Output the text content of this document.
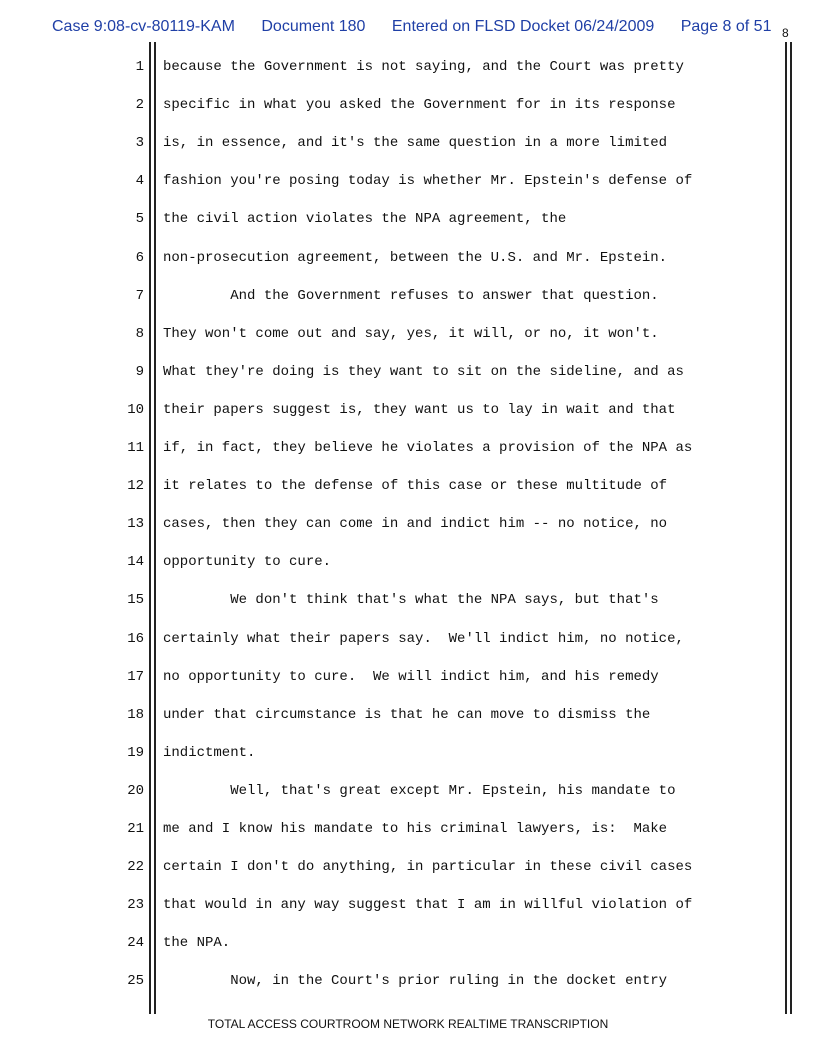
Case 9:08-cv-80119-KAM Document 180 Entered on FLSD Docket 06/24/2009 Page 8 of 51 8
1 because the Government is not saying, and the Court was pretty
2 specific in what you asked the Government for in its response
3 is, in essence, and it's the same question in a more limited
4 fashion you're posing today is whether Mr. Epstein's defense of
5 the civil action violates the NPA agreement, the
6 non-prosecution agreement, between the U.S. and Mr. Epstein.
7 And the Government refuses to answer that question.
8 They won't come out and say, yes, it will, or no, it won't.
9 What they're doing is they want to sit on the sideline, and as
10 their papers suggest is, they want us to lay in wait and that
11 if, in fact, they believe he violates a provision of the NPA as
12 it relates to the defense of this case or these multitude of
13 cases, then they can come in and indict him -- no notice, no
14 opportunity to cure.
15 We don't think that's what the NPA says, but that's
16 certainly what their papers say.  We'll indict him, no notice,
17 no opportunity to cure.  We will indict him, and his remedy
18 under that circumstance is that he can move to dismiss the
19 indictment.
20 Well, that's great except Mr. Epstein, his mandate to
21 me and I know his mandate to his criminal lawyers, is:  Make
22 certain I don't do anything, in particular in these civil cases
23 that would in any way suggest that I am in willful violation of
24 the NPA.
25 Now, in the Court's prior ruling in the docket entry
TOTAL ACCESS COURTROOM NETWORK REALTIME TRANSCRIPTION
